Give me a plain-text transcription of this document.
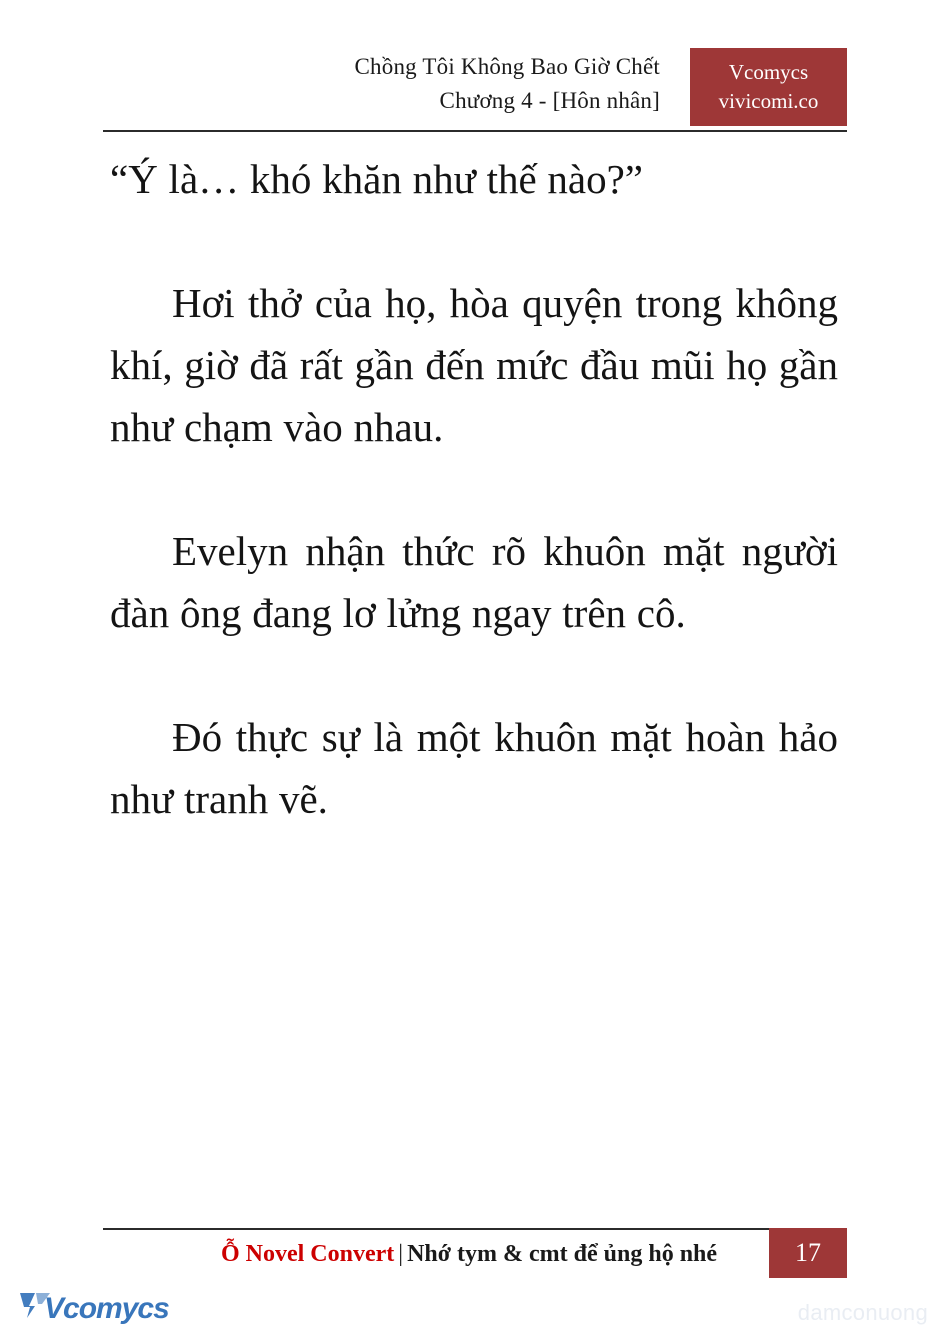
Chồng Tôi Không Bao Giờ Chết
Chương 4 - [Hôn nhân]
Vcomycs
vivicomi.co

“Ý là… khó khăn như thế nào?”

Hơi thở của họ, hòa quyện trong không khí, giờ đã rất gần đến mức đầu mũi họ gần như chạm vào nhau.

Evelyn nhận thức rõ khuôn mặt người đàn ông đang lơ lửng ngay trên cô.

Đó thực sự là một khuôn mặt hoàn hảo như tranh vẽ.

Ỗ Novel Convert | Nhớ tym & cmt để ủng hộ nhé	17
Vcomycs	damconuong
